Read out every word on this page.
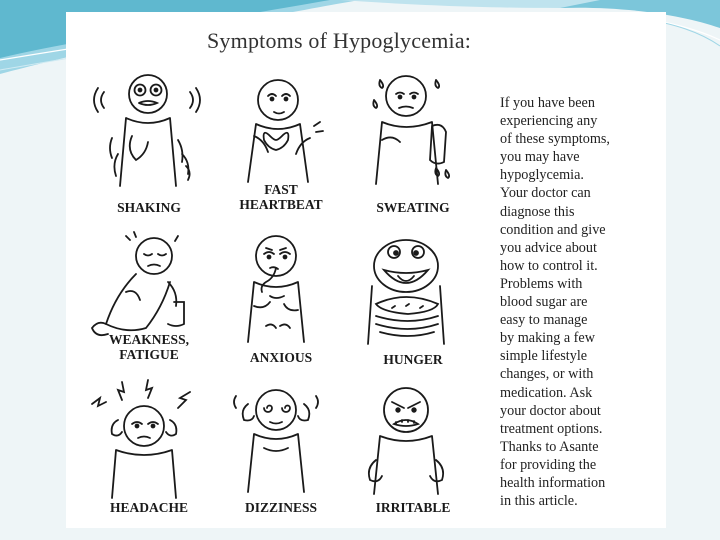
Symptoms of Hypoglycemia:
SHAKING
FAST
HEARTBEAT	SWEATING
WEAKNESS,
FATIGUE	ANXIOUS	HUNGER
HEADACHE	DIZZINESS	IRRITABLE
If you have been
experiencing any
of these symptoms,
you may have
hypoglycemia.
Your doctor can
diagnose this
condition and give
you advice about
how to control it.
Problems with
blood sugar are
easy to manage
by making a few
simple lifestyle
changes, or with
medication. Ask
your doctor about
treatment options.
Thanks to Asante
for providing the
health information
in this article.
